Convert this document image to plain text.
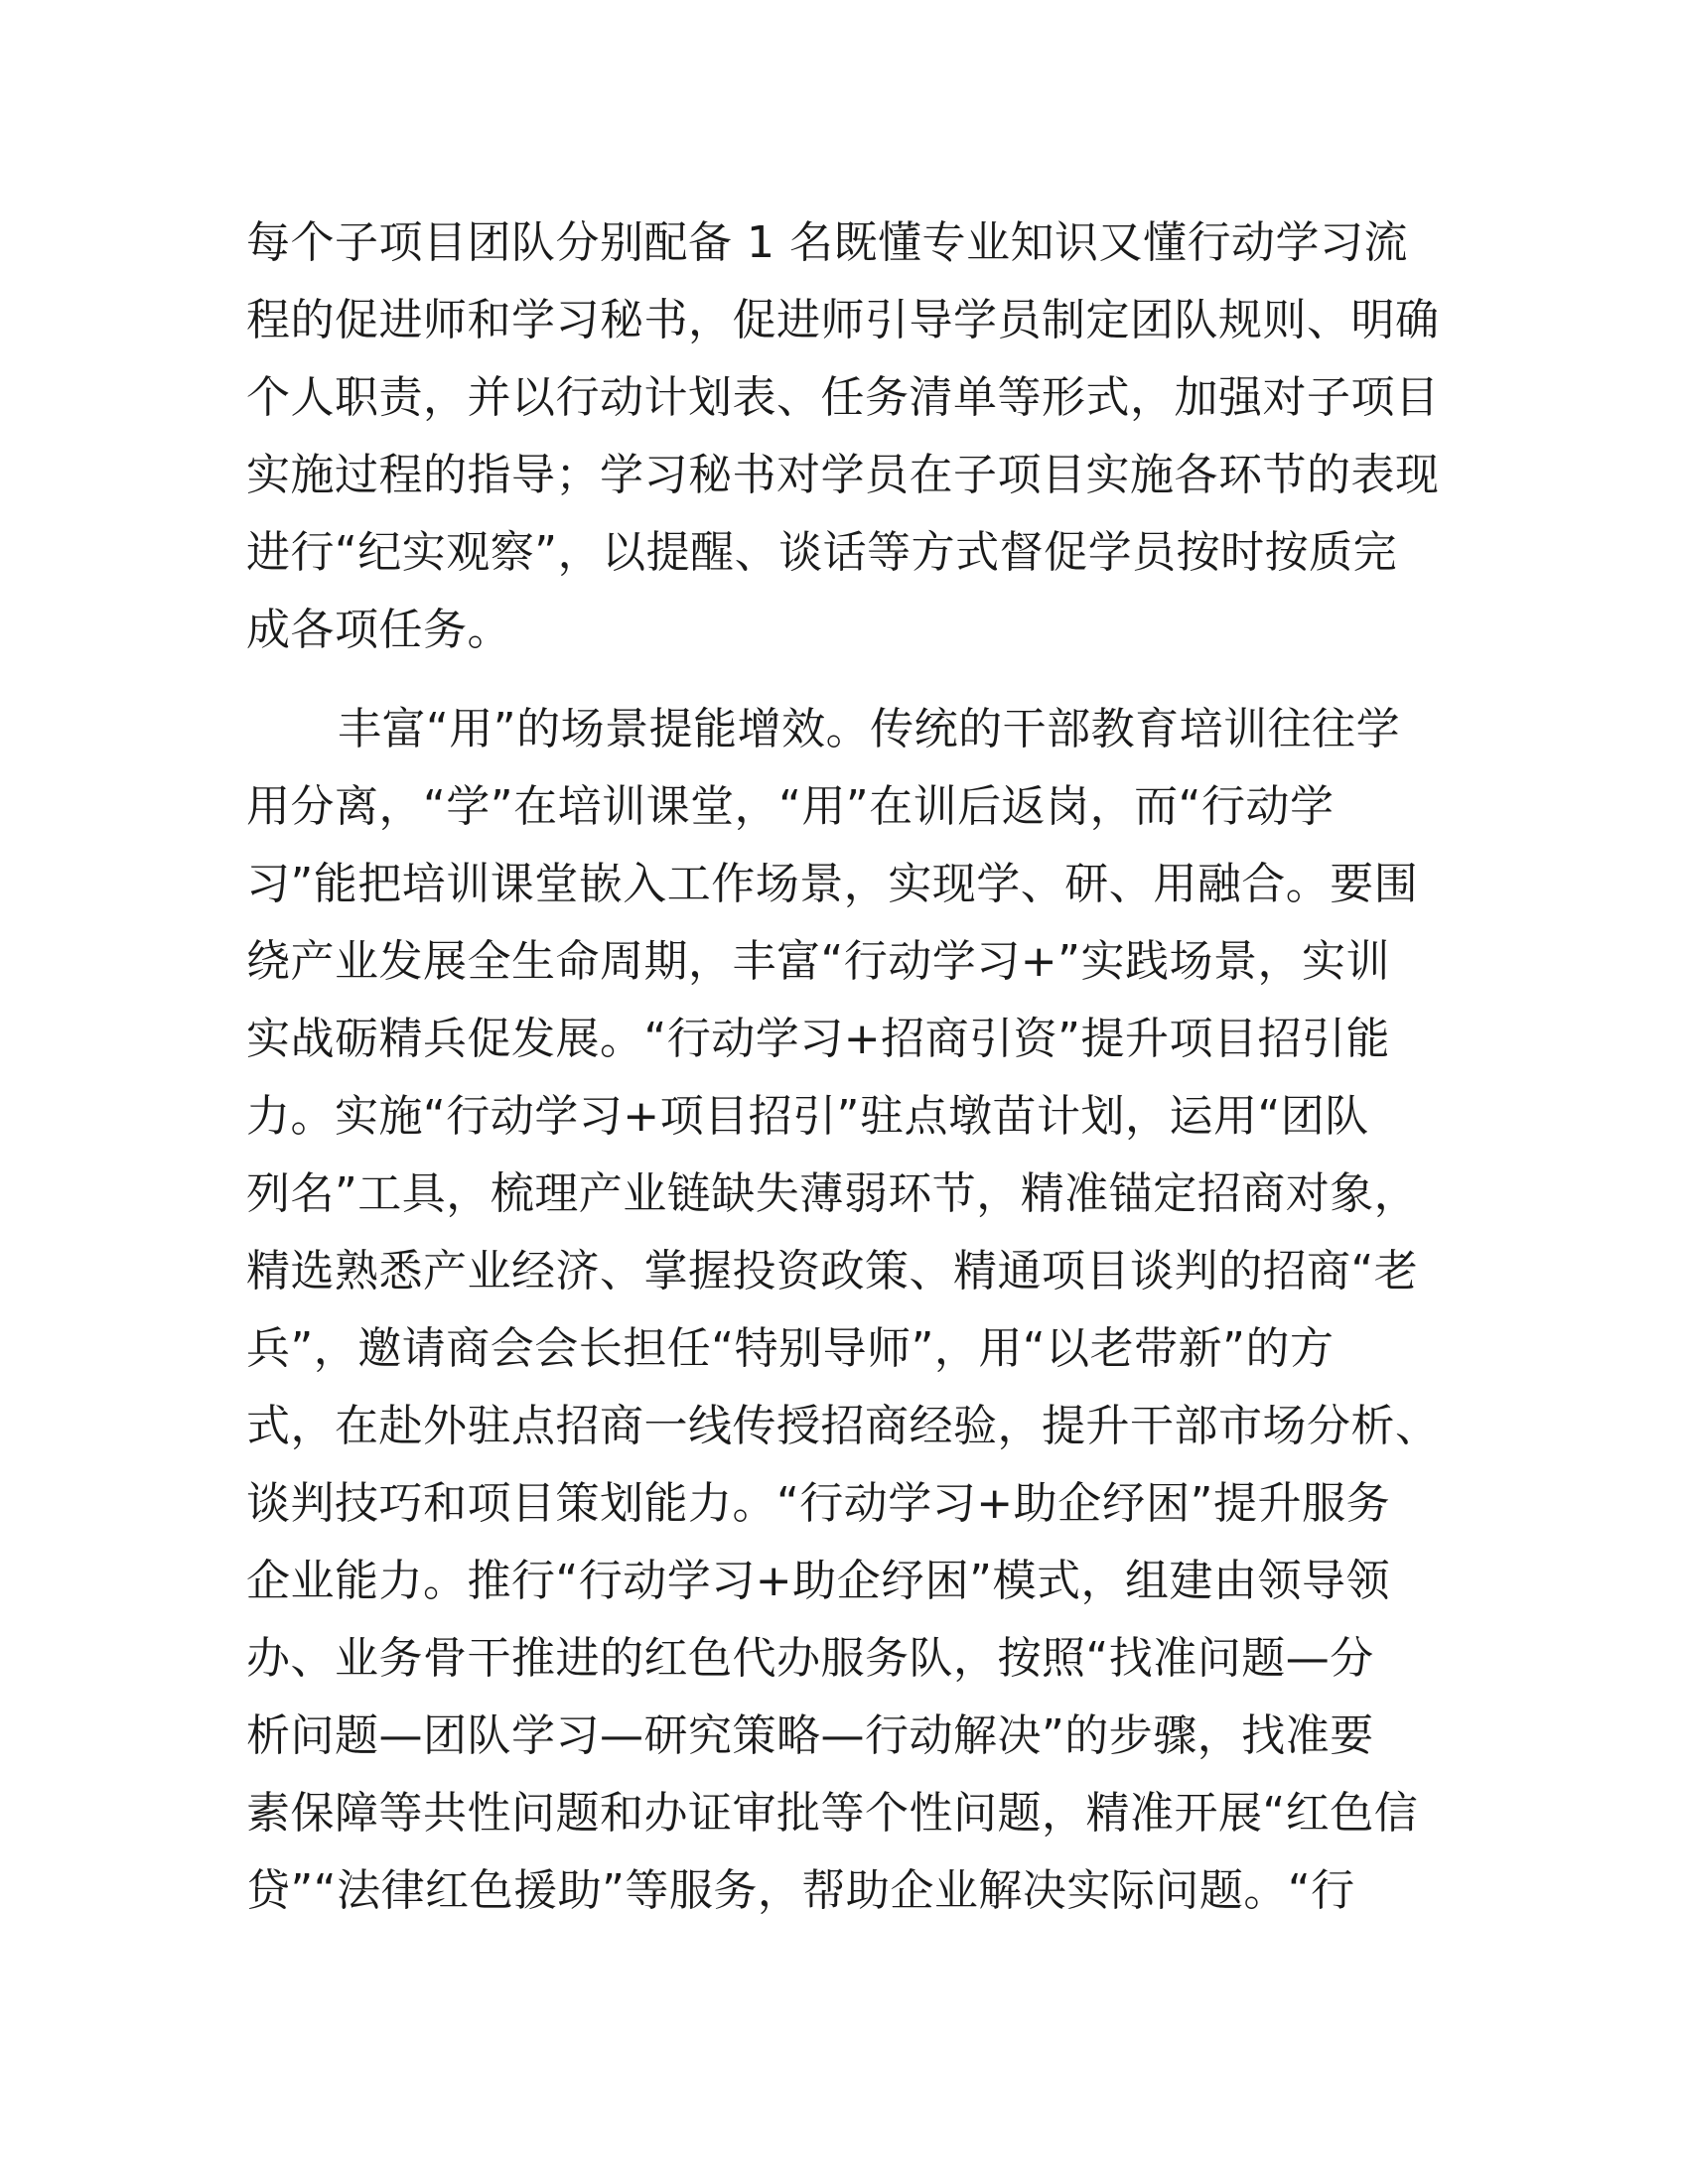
每个子项目团队分别配备 1 名既懂专业知识又懂行动学习流
程的促进师和学习秘书，促进师引导学员制定团队规则、明确
个人职责，并以行动计划表、任务清单等形式，加强对子项目
实施过程的指导；学习秘书对学员在子项目实施各环节的表现
进行“纪实观察”，以提醒、谈话等方式督促学员按时按质完
成各项任务。
丰富“用”的场景提能增效。传统的干部教育培训往往学
用分离，“学”在培训课堂，“用”在训后返岗，而“行动学
习”能把培训课堂嵌入工作场景，实现学、研、用融合。要围
绕产业发展全生命周期，丰富“行动学习+”实践场景，实训
实战砺精兵促发展。“行动学习+招商引资”提升项目招引能
力。实施“行动学习+项目招引”驻点墩苗计划，运用“团队
列名”工具，梳理产业链缺失薄弱环节，精准锚定招商对象，
精选熟悉产业经济、掌握投资政策、精通项目谈判的招商“老
兵”，邀请商会会长担任“特别导师”，用“以老带新”的方
式，在赴外驻点招商一线传授招商经验，提升干部市场分析、
谈判技巧和项目策划能力。“行动学习+助企纾困”提升服务
企业能力。推行“行动学习+助企纾困”模式，组建由领导领
办、业务骨干推进的红色代办服务队，按照“找准问题—分
析问题—团队学习—研究策略—行动解决”的步骤，找准要
素保障等共性问题和办证审批等个性问题，精准开展“红色信
贷”“法律红色援助”等服务，帮助企业解决实际问题。“行
